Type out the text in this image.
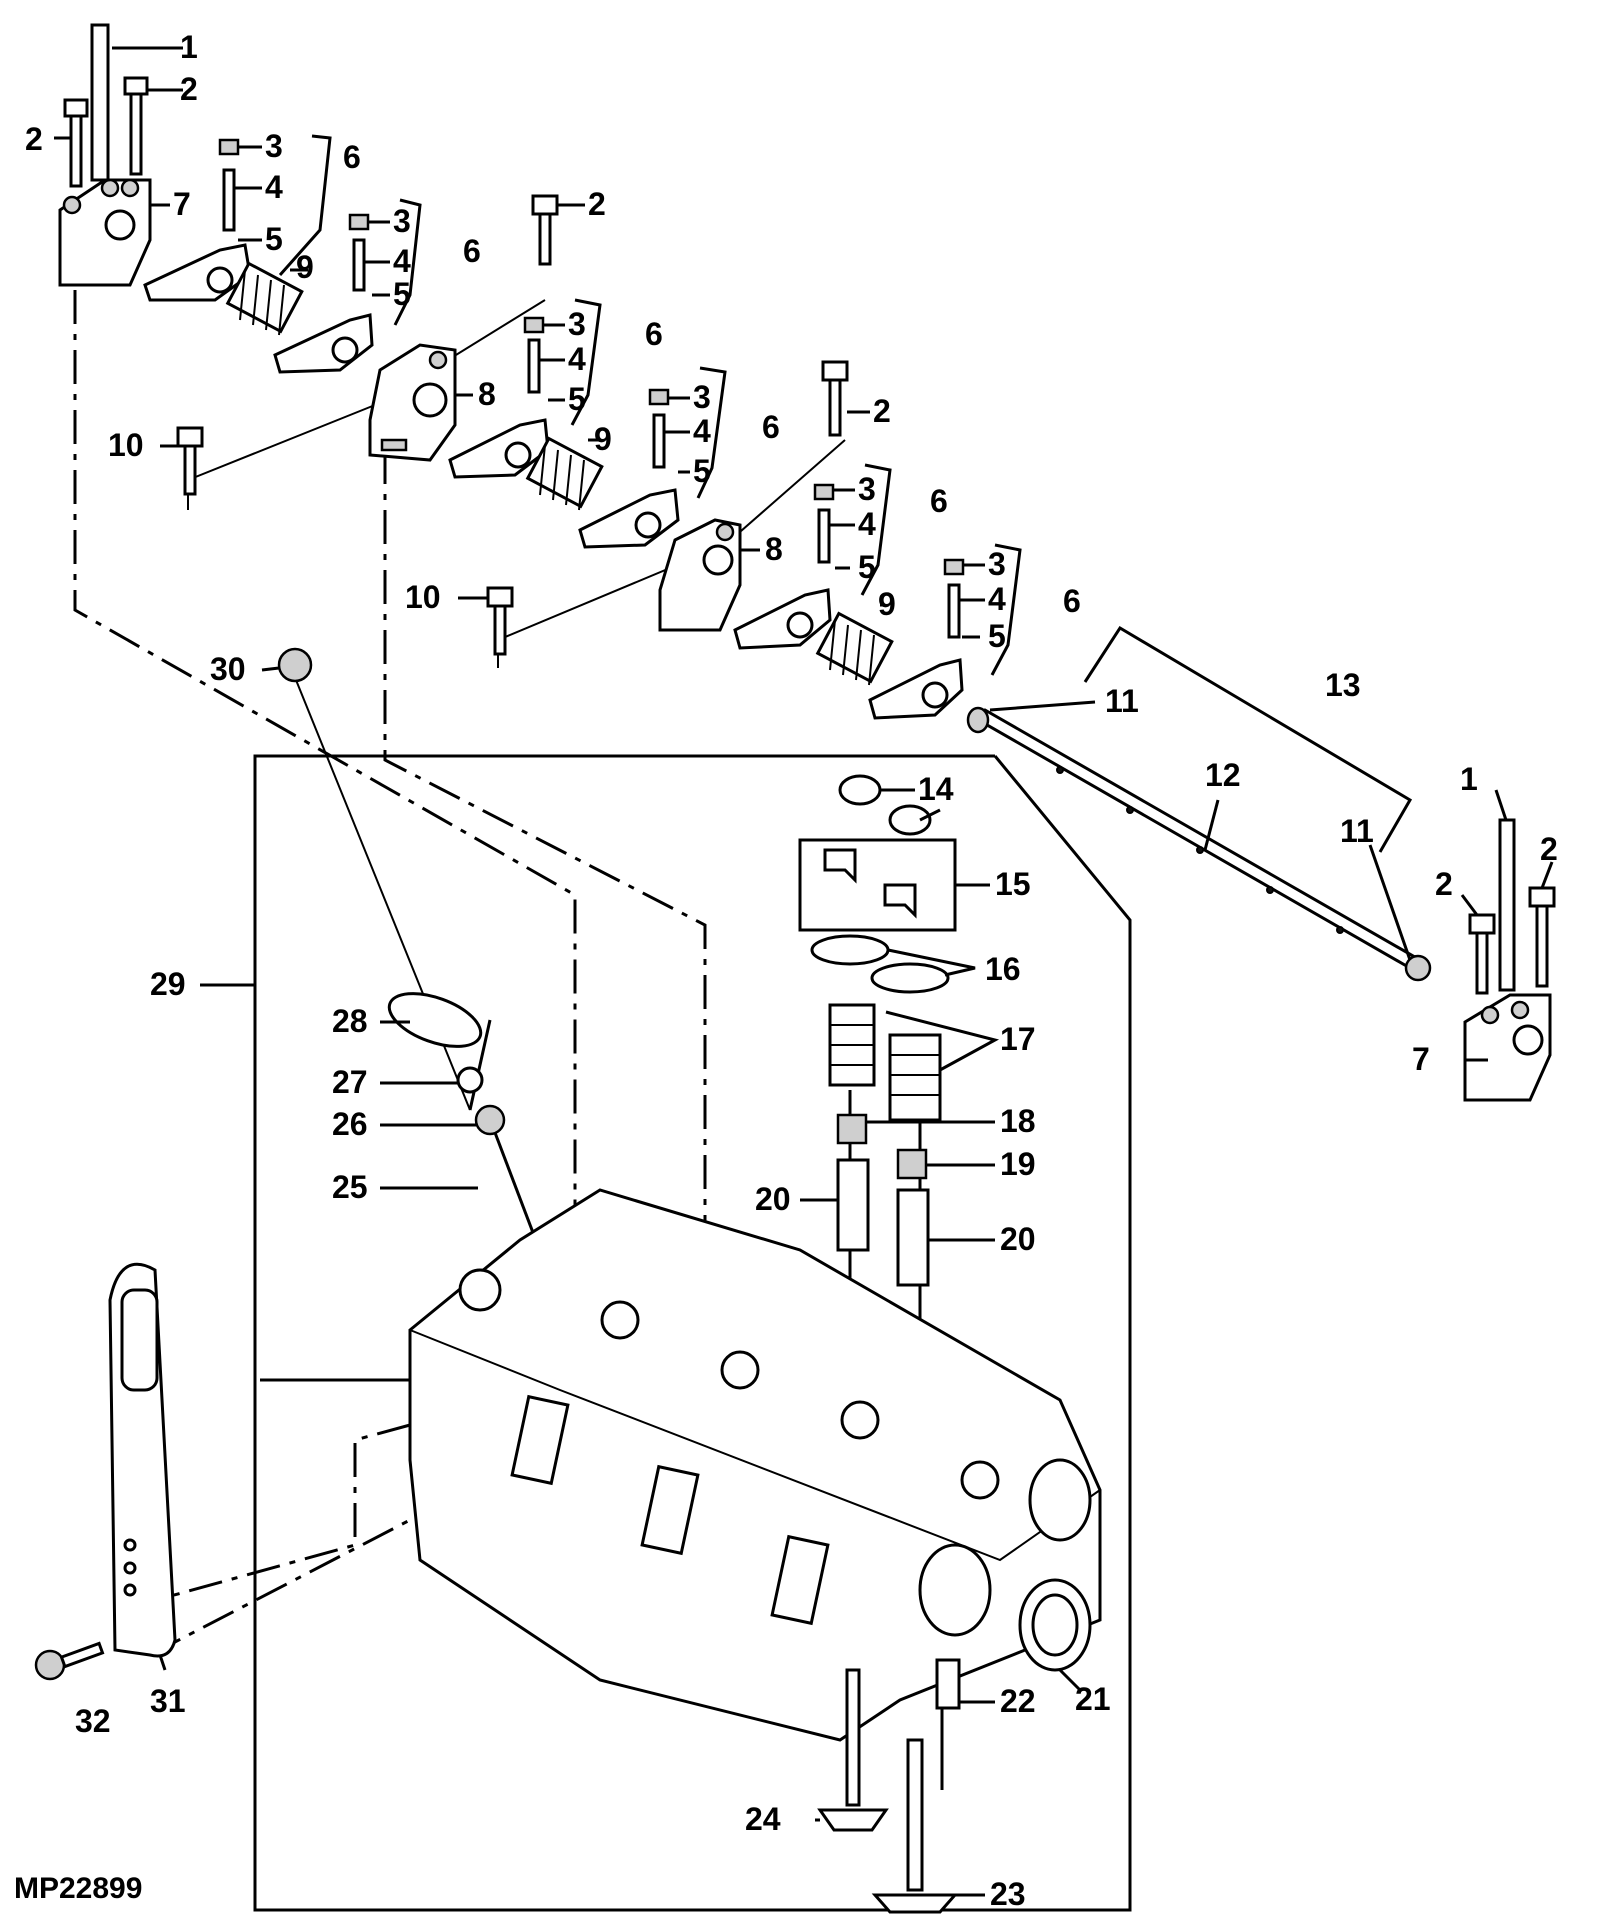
1
2
2	3
4
5
6
7
9
3
4
5
6
2
8
3
4
5
6
10	9
3
4
5
6	2
8
3
4
5
6
10	9
3
4
5
6
30
11	13
12
14
11
1
2
2
15
16
17
7
29
28
27
26	18
19
25	20
20
21
22
31
32
24
23
MP22899
